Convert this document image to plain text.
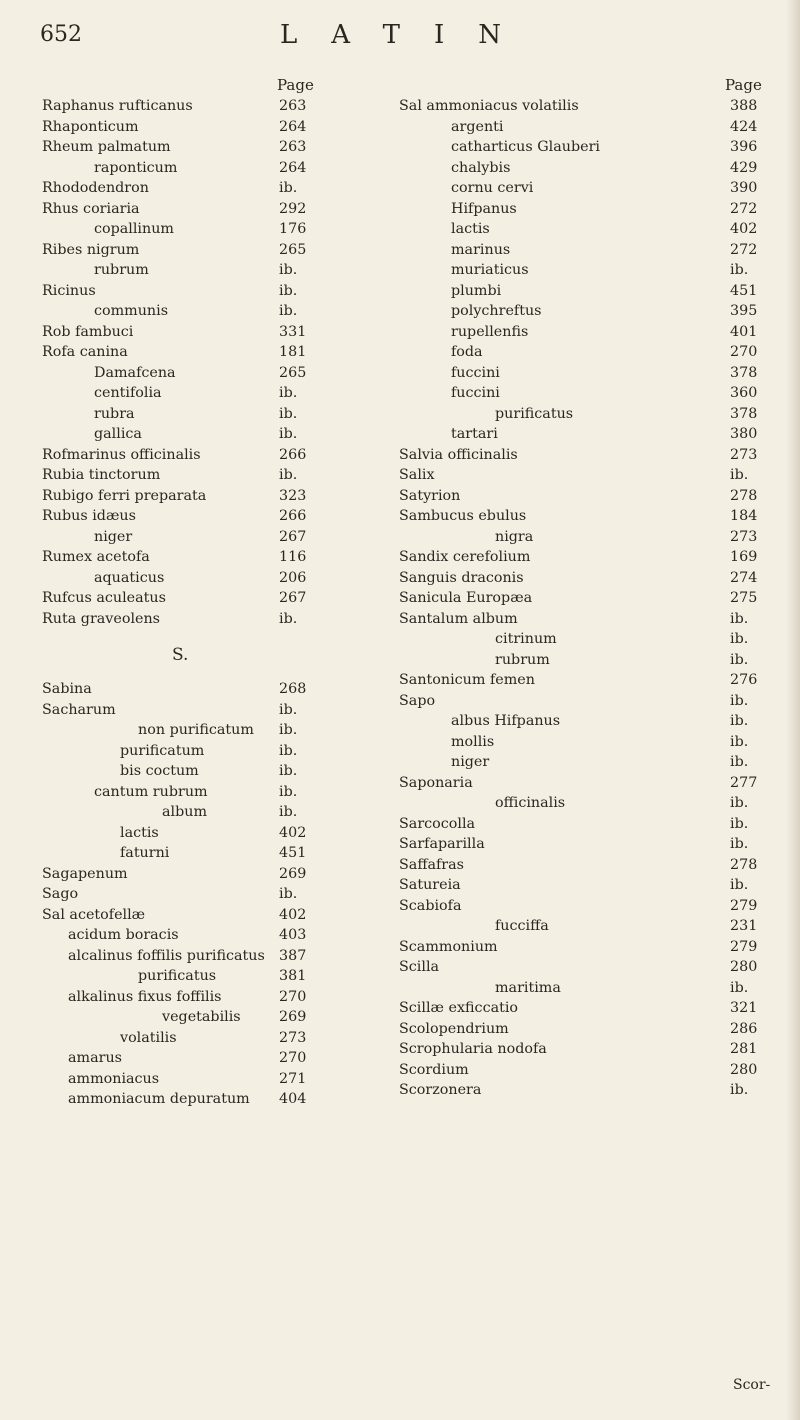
652	LATIN
Page
Raphanus rufticanus	263
Rhaponticum	264
Rheum palmatum	263
raponticum	264
Rhododendron	ib.
Rhus coriaria	292
copallinum	176
Ribes nigrum	265
rubrum	ib.
Ricinus	ib.
communis	ib.
Rob fambuci	331
Rofa canina	181
Damafcena	265
centifolia	ib.
rubra	ib.
gallica	ib.
Rofmarinus officinalis	266
Rubia tinctorum	ib.
Rubigo ferri preparata	323
Rubus idæus	266
niger	267
Rumex acetofa	116
aquaticus	206
Rufcus aculeatus	267
Ruta graveolens	ib.
S.
Sabina	268
Sacharum	ib.
non purificatum ib.
purificatum	ib.
bis coctum	ib.
cantum rubrum	ib.
album	ib.
lactis	402
faturni	451
Sagapenum	269
Sago	ib.
Sal acetofellæ	402
acidum boracis	403
alcalinus foffilis purificatus 387
purificatus	381
alkalinus fixus foffilis	270
vegetabilis	269
volatilis	273
amarus	270
ammoniacus	271
ammoniacum depuratum 404
Page
Sal ammoniacus volatilis	388
argenti	424
catharticus Glauberi	396
chalybis	429
cornu cervi	390
Hifpanus	272
lactis	402
marinus	272
muriaticus	ib.
plumbi	451
polychreftus	395
rupellenfis	401
foda	270
fuccini	378
fuccini	360
purificatus	378
tartari	380
Salvia officinalis	273
Salix	ib.
Satyrion	278
Sambucus ebulus	184
nigra	273
Sandix cerefolium	169
Sanguis draconis	274
Sanicula Europæa	275
Santalum album	ib.
citrinum	ib.
rubrum	ib.
Santonicum femen	276
Sapo	ib.
albus Hifpanus	ib.
mollis	ib.
niger	ib.
Saponaria	277
officinalis	ib.
Sarcocolla	ib.
Sarfaparilla	ib.
Saffafras	278
Satureia	ib.
Scabiofa	279
fucciffa	231
Scammonium	279
Scilla	280
maritima	ib.
Scillæ exficcatio	321
Scolopendrium	286
Scrophularia nodofa	281
Scordium	280
Scorzonera	ib.
Scor-
